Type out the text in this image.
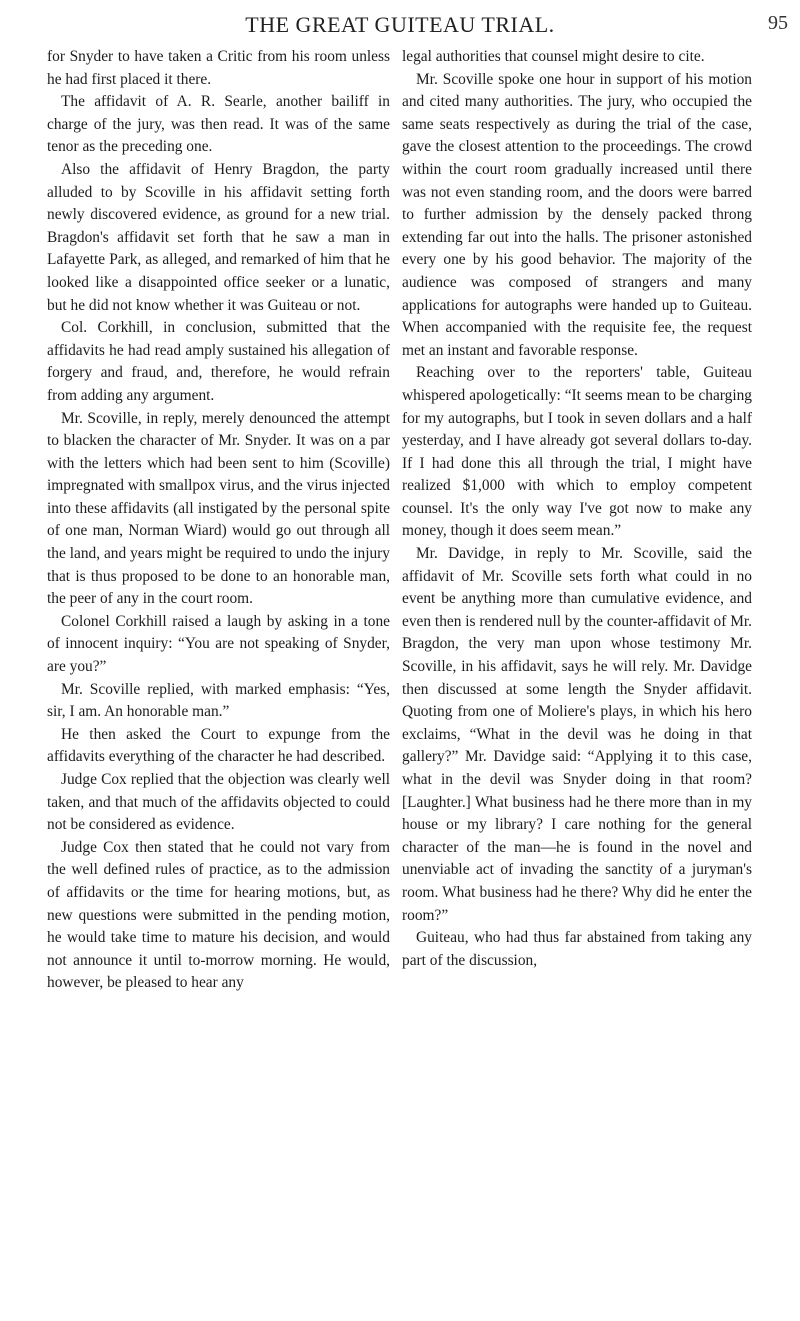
THE GREAT GUITEAU TRIAL.	95

for Snyder to have taken a Critic from his room unless he had first placed it there.

The affidavit of A. R. Searle, another bailiff in charge of the jury, was then read. It was of the same tenor as the preceding one.

Also the affidavit of Henry Bragdon, the party alluded to by Scoville in his affidavit setting forth newly discovered evidence, as ground for a new trial. Bragdon's affidavit set forth that he saw a man in Lafayette Park, as alleged, and remarked of him that he looked like a disappointed office seeker or a lunatic, but he did not know whether it was Guiteau or not.

Col. Corkhill, in conclusion, submitted that the affidavits he had read amply sustained his allegation of forgery and fraud, and, therefore, he would refrain from adding any argument.

Mr. Scoville, in reply, merely denounced the attempt to blacken the character of Mr. Snyder. It was on a par with the letters which had been sent to him (Scoville) impregnated with smallpox virus, and the virus injected into these affidavits (all instigated by the personal spite of one man, Norman Wiard) would go out through all the land, and years might be required to undo the injury that is thus proposed to be done to an honorable man, the peer of any in the court room.

Colonel Corkhill raised a laugh by asking in a tone of innocent inquiry: “You are not speaking of Snyder, are you?”

Mr. Scoville replied, with marked emphasis: “Yes, sir, I am. An honorable man.”

He then asked the Court to expunge from the affidavits everything of the character he had described.

Judge Cox replied that the objection was clearly well taken, and that much of the affidavits objected to could not be considered as evidence.

Judge Cox then stated that he could not vary from the well defined rules of practice, as to the admission of affidavits or the time for hearing motions, but, as new questions were submitted in the pending motion, he would take time to mature his decision, and would not announce it until to-morrow morning. He would, however, be pleased to hear any

legal authorities that counsel might desire to cite.

Mr. Scoville spoke one hour in support of his motion and cited many authorities. The jury, who occupied the same seats respectively as during the trial of the case, gave the closest attention to the proceedings. The crowd within the court room gradually increased until there was not even standing room, and the doors were barred to further admission by the densely packed throng extending far out into the halls. The prisoner astonished every one by his good behavior. The majority of the audience was composed of strangers and many applications for autographs were handed up to Guiteau. When accompanied with the requisite fee, the request met an instant and favorable response.

Reaching over to the reporters' table, Guiteau whispered apologetically: “It seems mean to be charging for my autographs, but I took in seven dollars and a half yesterday, and I have already got several dollars to-day. If I had done this all through the trial, I might have realized $1,000 with which to employ competent counsel. It's the only way I've got now to make any money, though it does seem mean.”

Mr. Davidge, in reply to Mr. Scoville, said the affidavit of Mr. Scoville sets forth what could in no event be anything more than cumulative evidence, and even then is rendered null by the counter-affidavit of Mr. Bragdon, the very man upon whose testimony Mr. Scoville, in his affidavit, says he will rely. Mr. Davidge then discussed at some length the Snyder affidavit. Quoting from one of Moliere's plays, in which his hero exclaims, “What in the devil was he doing in that gallery?” Mr. Davidge said: “Applying it to this case, what in the devil was Snyder doing in that room? [Laughter.] What business had he there more than in my house or my library? I care nothing for the general character of the man—he is found in the novel and unenviable act of invading the sanctity of a juryman's room. What business had he there? Why did he enter the room?”

Guiteau, who had thus far abstained from taking any part of the discussion,
